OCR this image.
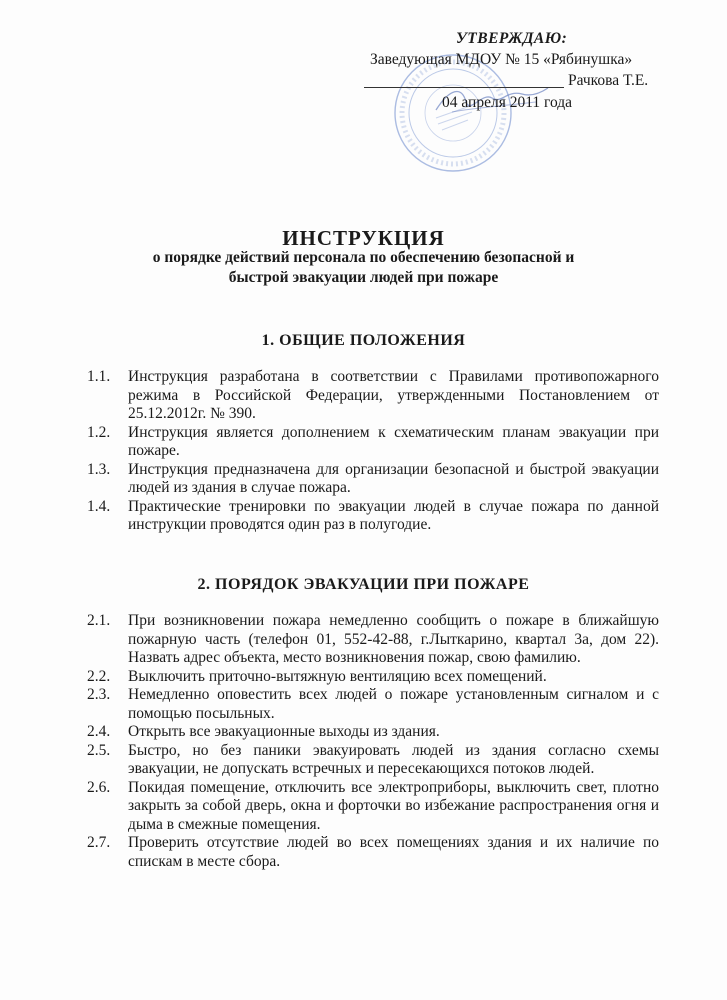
УТВЕРЖДАЮ:
Заведующая МДОУ № 15 «Рябинушка»
Рачкова Т.Е.
04 апреля 2011 года
ИНСТРУКЦИЯ
о порядке действий персонала по обеспечению безопасной и
быстрой эвакуации людей при пожаре
1. ОБЩИЕ ПОЛОЖЕНИЯ
1.1.	Инструкция разработана в соответствии с Правилами противопожарного режима в Российской Федерации, утвержденными Постановлением от 25.12.2012г. № 390.
1.2.	Инструкция является дополнением к схематическим планам эвакуации при пожаре.
1.3.	Инструкция предназначена для организации безопасной и быстрой эвакуации людей из здания в случае пожара.
1.4.	Практические тренировки по эвакуации людей в случае пожара по данной инструкции проводятся один раз в полугодие.
2. ПОРЯДОК ЭВАКУАЦИИ ПРИ ПОЖАРЕ
2.1.	При возникновении пожара немедленно сообщить о пожаре в ближайшую пожарную часть (телефон 01, 552-42-88, г.Лыткарино, квартал 3а, дом 22). Назвать адрес объекта, место возникновения пожар, свою фамилию.
2.2.	Выключить приточно-вытяжную вентиляцию всех помещений.
2.3.	Немедленно оповестить всех людей о пожаре установленным сигналом и с помощью посыльных.
2.4.	Открыть все эвакуационные выходы из здания.
2.5.	Быстро, но без паники эвакуировать людей из здания согласно схемы эвакуации, не допускать встречных и пересекающихся потоков людей.
2.6.	Покидая помещение, отключить все электроприборы, выключить свет, плотно закрыть за собой дверь, окна и форточки во избежание распространения огня и дыма в смежные помещения.
2.7.	Проверить отсутствие людей во всех помещениях здания и их наличие по спискам в месте сбора.
